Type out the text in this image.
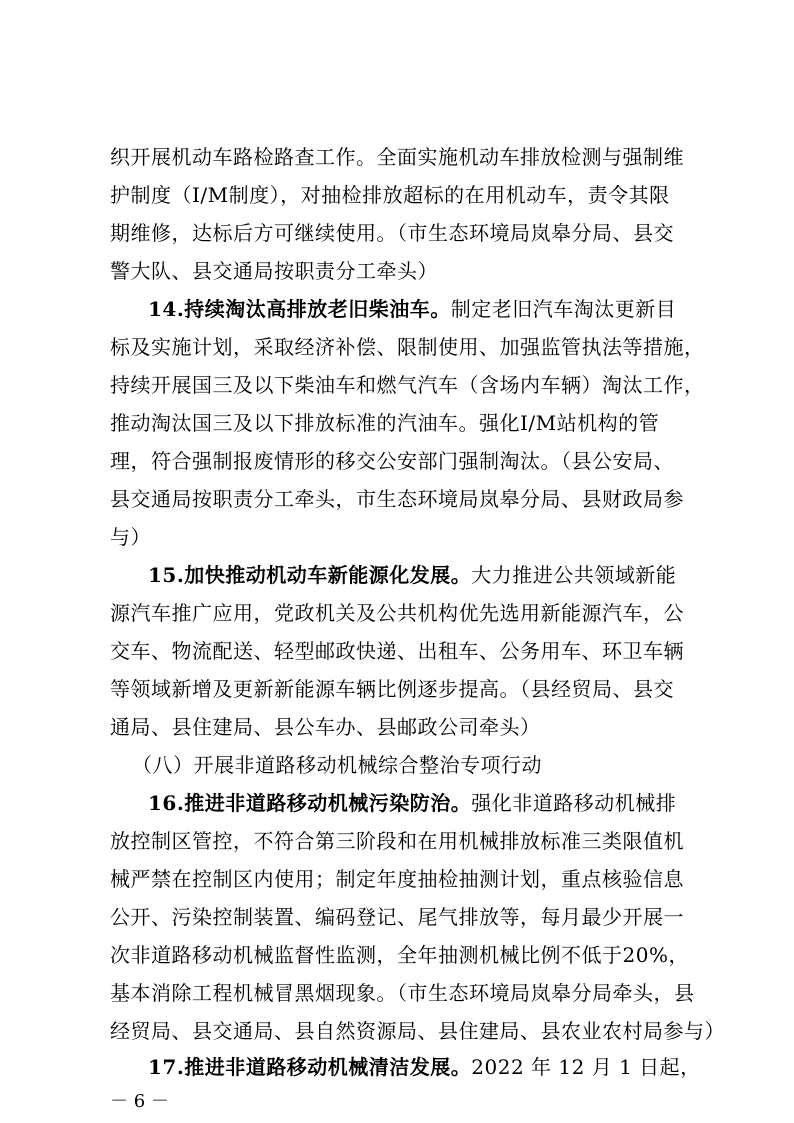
织开展机动车路检路查工作。全面实施机动车排放检测与强制维
护制度（I/M制度），对抽检排放超标的在用机动车，责令其限
期维修，达标后方可继续使用。（市生态环境局岚皋分局、县交
警大队、县交通局按职责分工牵头）
14.持续淘汰高排放老旧柴油车。制定老旧汽车淘汰更新目
标及实施计划，采取经济补偿、限制使用、加强监管执法等措施，
持续开展国三及以下柴油车和燃气汽车（含场内车辆）淘汰工作，
推动淘汰国三及以下排放标准的汽油车。强化I/M站机构的管
理，符合强制报废情形的移交公安部门强制淘汰。（县公安局、
县交通局按职责分工牵头，市生态环境局岚皋分局、县财政局参
与）
15.加快推动机动车新能源化发展。大力推进公共领域新能
源汽车推广应用，党政机关及公共机构优先选用新能源汽车，公
交车、物流配送、轻型邮政快递、出租车、公务用车、环卫车辆
等领域新增及更新新能源车辆比例逐步提高。（县经贸局、县交
通局、县住建局、县公车办、县邮政公司牵头）
（八）开展非道路移动机械综合整治专项行动
16.推进非道路移动机械污染防治。强化非道路移动机械排
放控制区管控，不符合第三阶段和在用机械排放标准三类限值机
械严禁在控制区内使用；制定年度抽检抽测计划，重点核验信息
公开、污染控制装置、编码登记、尾气排放等，每月最少开展一
次非道路移动机械监督性监测，全年抽测机械比例不低于20%，
基本消除工程机械冒黑烟现象。（市生态环境局岚皋分局牵头，县
经贸局、县交通局、县自然资源局、县住建局、县农业农村局参与）
17.推进非道路移动机械清洁发展。2022 年 12 月 1 日起，
－ 6 －
